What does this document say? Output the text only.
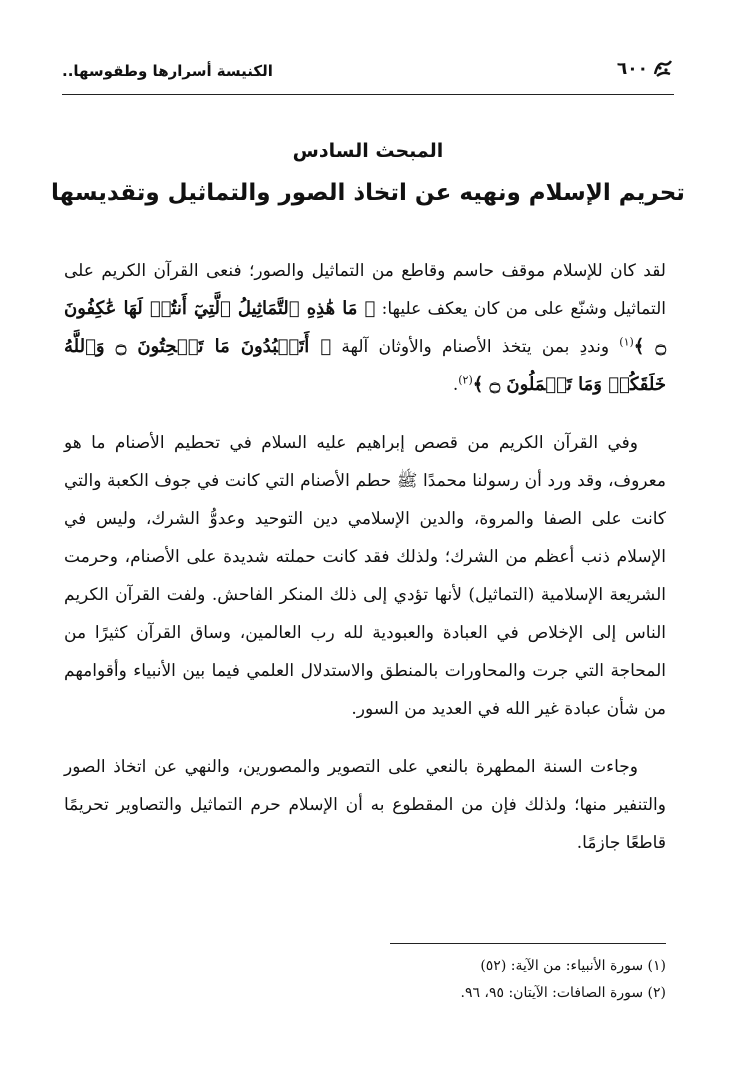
٦٠٠
الكنيسة أسرارها وطقوسها..
المبحث السادس
تحريم الإسلام ونهيه عن اتخاذ الصور والتماثيل وتقديسها

لقد كان للإسلام موقف حاسم وقاطع من التماثيل والصور؛ فنعى القرآن الكريم على التماثيل وشنّع على من كان يعكف عليها: ﴿ مَا هَٰذِهِ ٱلتَّمَاثِيلُ ٱلَّتِيٓ أَنتُمۡ لَهَا عَٰكِفُونَ ۝ ﴾$^{(١)}$ ونددِ بمن يتخذ الأصنام والأوثان آلهة ﴿ أَتَعۡبُدُونَ مَا تَنۡحِتُونَ ۝ وَٱللَّهُ خَلَقَكُمۡ وَمَا تَعۡمَلُونَ ۝ ﴾$^{(٢)}$.

وفي القرآن الكريم من قصص إبراهيم عليه السلام في تحطيم الأصنام ما هو معروف، وقد ورد أن رسولنا محمدًا ﷺ حطم الأصنام التي كانت في جوف الكعبة والتي كانت على الصفا والمروة، والدين الإسلامي دين التوحيد وعدوُّ الشرك، وليس في الإسلام ذنب أعظم من الشرك؛ ولذلك فقد كانت حملته شديدة على الأصنام، وحرمت الشريعة الإسلامية (التماثيل) لأنها تؤدي إلى ذلك المنكر الفاحش. ولفت القرآن الكريم الناس إلى الإخلاص في العبادة والعبودية لله رب العالمين، وساق القرآن كثيرًا من المحاجة التي جرت والمحاورات بالمنطق والاستدلال العلمي فيما بين الأنبياء وأقوامهم من شأن عبادة غير الله في العديد من السور.

وجاءت السنة المطهرة بالنعي على التصوير والمصورين، والنهي عن اتخاذ الصور والتنفير منها؛ ولذلك فإن من المقطوع به أن الإسلام حرم التماثيل والتصاوير تحريمًا قاطعًا جازمًا.

(١) سورة الأنبياء: من الآية: (٥٢)

(٢) سورة الصافات: الآيتان: ٩٥، ٩٦.
